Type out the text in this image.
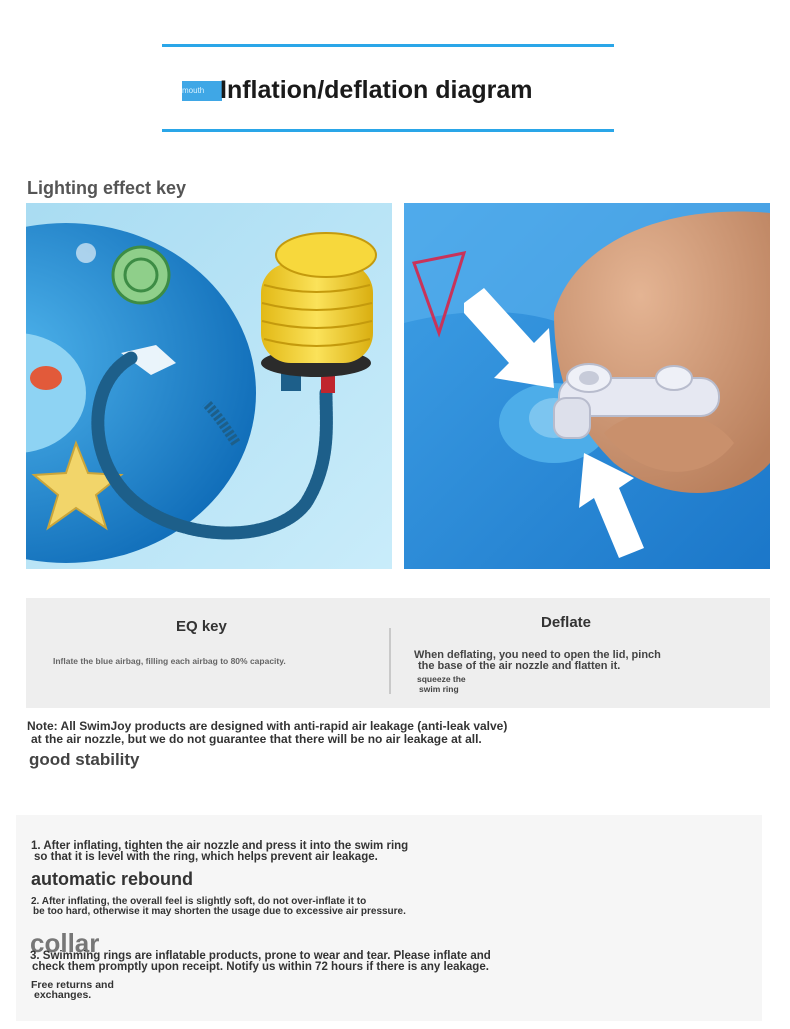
mouth Inflation/deflation diagram
Lighting effect key
EQ key
Inflate the blue airbag, filling each airbag to 80% capacity.
Deflate
When deflating, you need to open the lid, pinch
the base of the air nozzle and flatten it.
squeeze the
swim ring
Note: All SwimJoy products are designed with anti-rapid air leakage (anti-leak valve)
at the air nozzle, but we do not guarantee that there will be no air leakage at all.
good stability
1. After inflating, tighten the air nozzle and press it into the swim ring
so that it is level with the ring, which helps prevent air leakage.
automatic rebound
2. After inflating, the overall feel is slightly soft, do not over-inflate it to
be too hard, otherwise it may shorten the usage due to excessive air pressure.
collar
3. Swimming rings are inflatable products, prone to wear and tear. Please inflate and
check them promptly upon receipt. Notify us within 72 hours if there is any leakage.
Free returns and
exchanges.
